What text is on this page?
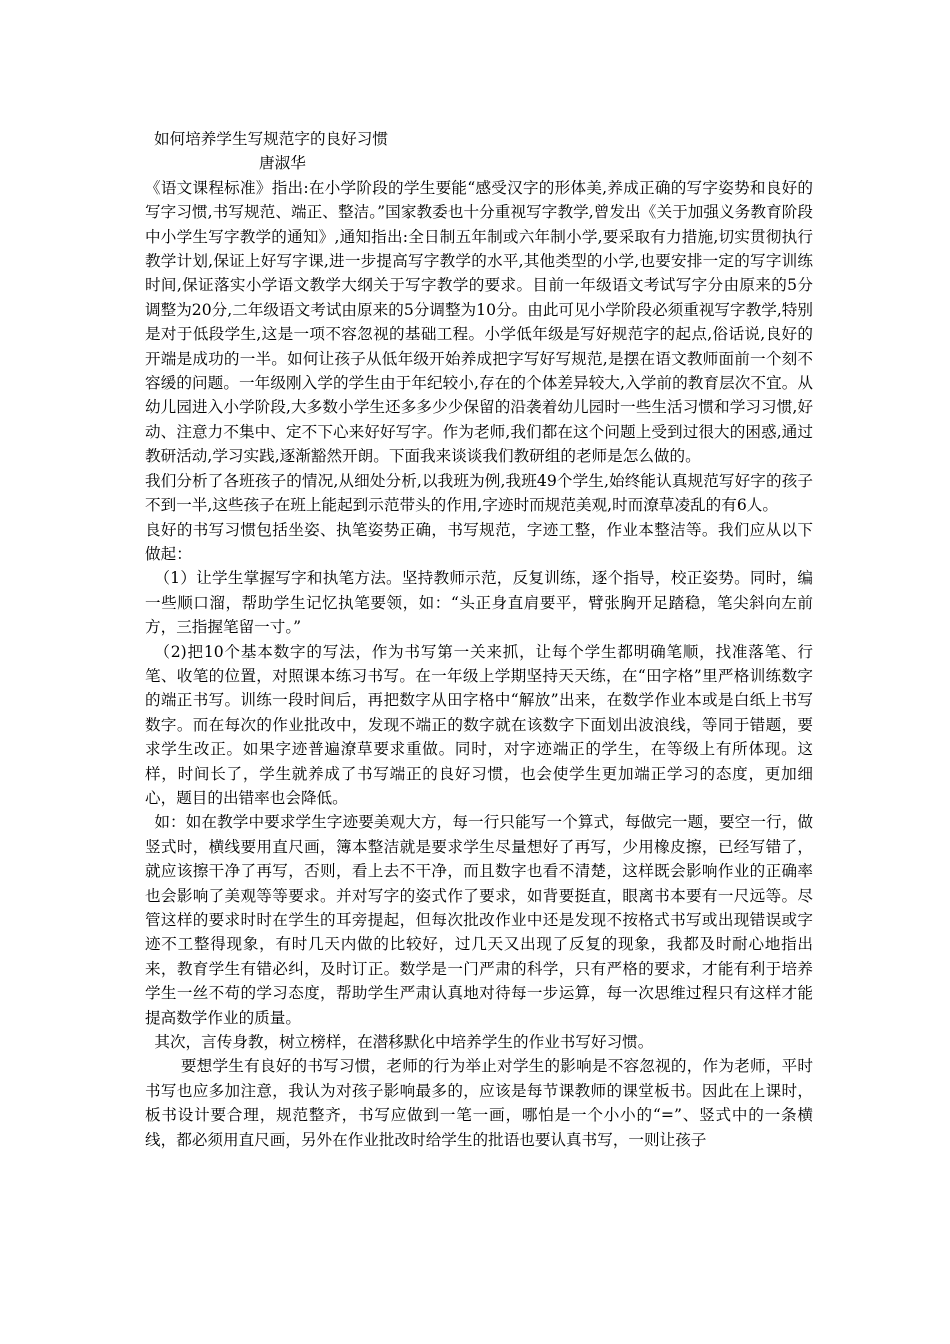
如何培养学生写规范字的良好习惯

唐淑华

《语文课程标准》指出:在小学阶段的学生要能“感受汉字的形体美,养成正确的写字姿势和良好的写字习惯,书写规范、端正、整洁。”国家教委也十分重视写字教学,曾发出《关于加强义务教育阶段中小学生写字教学的通知》,通知指出:全日制五年制或六年制小学,要采取有力措施,切实贯彻执行教学计划,保证上好写字课,进一步提高写字教学的水平,其他类型的小学,也要安排一定的写字训练时间,保证落实小学语文教学大纲关于写字教学的要求。目前一年级语文考试写字分由原来的5分调整为20分,二年级语文考试由原来的5分调整为10分。由此可见小学阶段必须重视写字教学,特别是对于低段学生,这是一项不容忽视的基础工程。小学低年级是写好规范字的起点,俗话说,良好的开端是成功的一半。如何让孩子从低年级开始养成把字写好写规范,是摆在语文教师面前一个刻不容缓的问题。一年级刚入学的学生由于年纪较小,存在的个体差异较大,入学前的教育层次不宜。从幼儿园进入小学阶段,大多数小学生还多多少少保留的沿袭着幼儿园时一些生活习惯和学习习惯,好动、注意力不集中、定不下心来好好写字。作为老师,我们都在这个问题上受到过很大的困惑,通过教研活动,学习实践,逐渐豁然开朗。下面我来谈谈我们教研组的老师是怎么做的。

我们分析了各班孩子的情况,从细处分析,以我班为例,我班49个学生,始终能认真规范写好字的孩子不到一半,这些孩子在班上能起到示范带头的作用,字迹时而规范美观,时而潦草凌乱的有6人。

良好的书写习惯包括坐姿、执笔姿势正确，书写规范，字迹工整，作业本整洁等。我们应从以下做起：

（1）让学生掌握写字和执笔方法。坚持教师示范，反复训练，逐个指导，校正姿势。同时，编一些顺口溜，帮助学生记忆执笔要领，如：“头正身直肩要平，臂张胸开足踏稳，笔尖斜向左前方，三指握笔留一寸。”

（2)把10个基本数字的写法，作为书写第一关来抓，让每个学生都明确笔顺，找准落笔、行笔、收笔的位置，对照课本练习书写。在一年级上学期坚持天天练，在“田字格”里严格训练数字的端正书写。训练一段时间后，再把数字从田字格中“解放”出来，在数学作业本或是白纸上书写数字。而在每次的作业批改中，发现不端正的数字就在该数字下面划出波浪线，等同于错题，要求学生改正。如果字迹普遍潦草要求重做。同时，对字迹端正的学生，在等级上有所体现。这样，时间长了，学生就养成了书写端正的良好习惯，也会使学生更加端正学习的态度，更加细心，题目的出错率也会降低。

如：如在教学中要求学生字迹要美观大方，每一行只能写一个算式，每做完一题，要空一行，做竖式时，横线要用直尺画，簿本整洁就是要求学生尽量想好了再写，少用橡皮擦，已经写错了，就应该擦干净了再写，否则，看上去不干净，而且数字也看不清楚，这样既会影响作业的正确率也会影响了美观等等要求。并对写字的姿式作了要求，如背要挺直，眼离书本要有一尺远等。尽管这样的要求时时在学生的耳旁提起，但每次批改作业中还是发现不按格式书写或出现错误或字迹不工整得现象，有时几天内做的比较好，过几天又出现了反复的现象，我都及时耐心地指出来，教育学生有错必纠，及时订正。数学是一门严肃的科学，只有严格的要求，才能有利于培养学生一丝不苟的学习态度，帮助学生严肃认真地对待每一步运算，每一次思维过程只有这样才能提高数学作业的质量。

其次，言传身教，树立榜样，在潜移默化中培养学生的作业书写好习惯。

要想学生有良好的书写习惯，老师的行为举止对学生的影响是不容忽视的，作为老师，平时书写也应多加注意，我认为对孩子影响最多的，应该是每节课教师的课堂板书。因此在上课时，板书设计要合理，规范整齐，书写应做到一笔一画，哪怕是一个小小的“=”、竖式中的一条横线，都必须用直尺画，另外在作业批改时给学生的批语也要认真书写，一则让孩子
